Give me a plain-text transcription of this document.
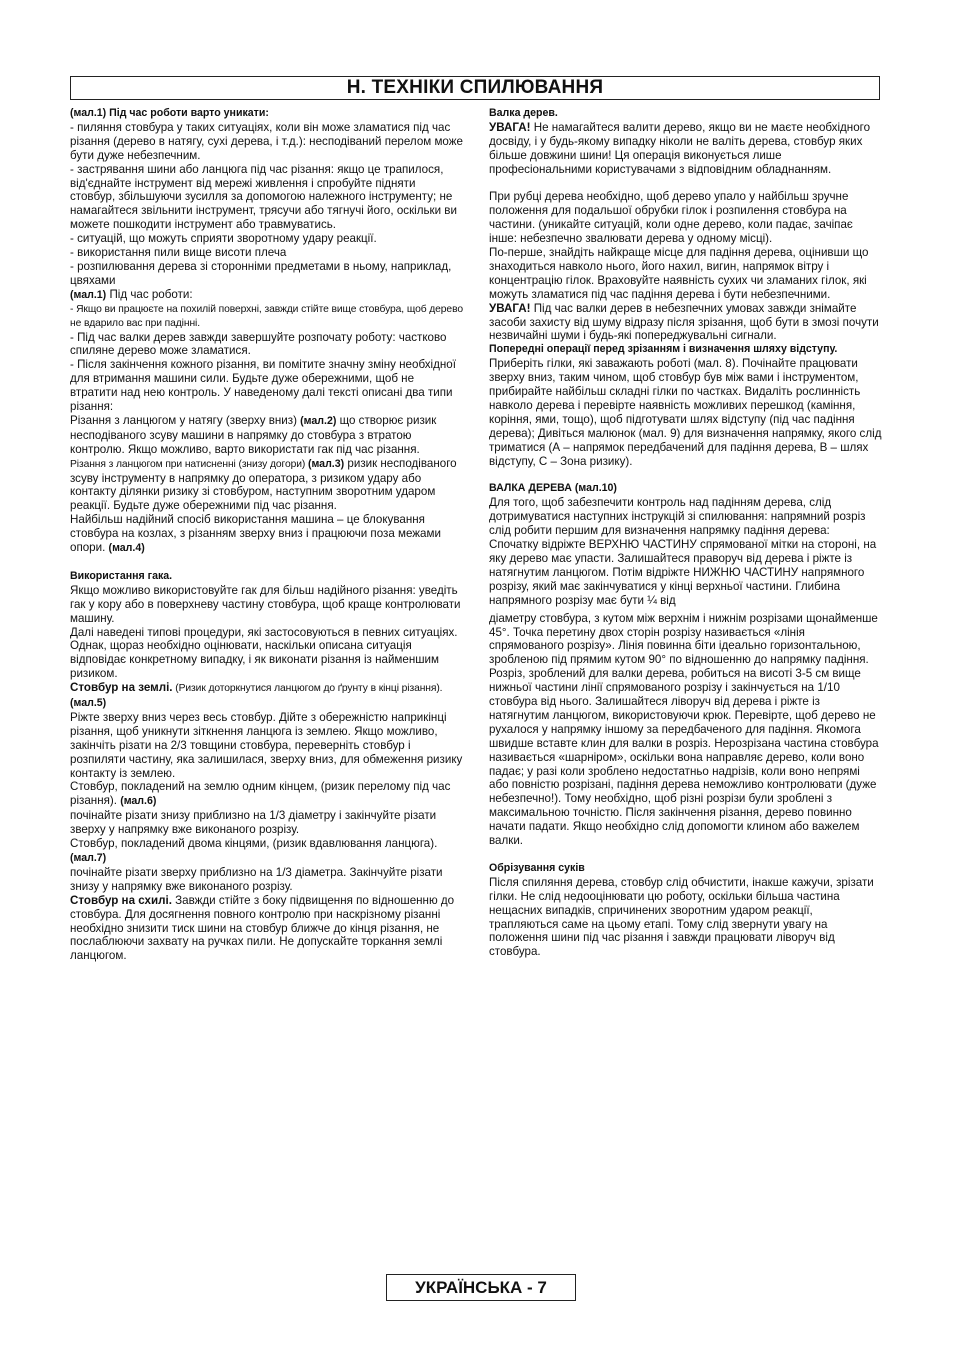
Н. ТЕХНІКИ СПИЛЮВАННЯ

(мал.1) Під час роботи варто уникати:

- пиляння стовбура у таких ситуаціях, коли він може зламатися під час різання (дерево в натягу, сухі дерева, і т.д.): несподіваний перелом може бути дуже небезпечним.

- застрявання шини або ланцюга під час різання: якщо це трапилося, від'єднайте інструмент від мережі живлення і спробуйте підняти стовбур, збільшуючи зусилля за допомогою належного інструменту; не намагайтеся звільнити інструмент, трясучи або тягнучі його, оскільки ви можете пошкодити інструмент або травмуватись.

- ситуацій, що можуть сприяти зворотному удару реакції.

- використання пили вище висоти плеча

- розпилювання дерева зі сторонніми предметами в ньому, наприклад, цвяхами

(мал.1) Під час роботи:

- Якщо ви працюєте на похилій поверхні, завжди стійте вище стовбура, щоб дерево не вдарило вас при падінні.

- Під час валки дерев завжди завершуйте розпочату роботу: частково спиляне дерево може зламатися.

- Після закінчення кожного різання, ви помітите значну зміну необхідної для втримання машини сили. Будьте дуже обережними, щоб не втратити над нею контроль. У наведеному далі тексті описані два типи різання:

Різання з ланцюгом у натягу (зверху вниз) (мал.2) що створює ризик несподіваного зсуву машини в напрямку до стовбура з втратою контролю. Якщо можливо, варто використати гак під час різання.

Різання з ланцюгом при натисненні (знизу догори) (мал.3) ризик несподіваного зсуву інструменту в напрямку до оператора, з ризиком удару або контакту ділянки ризику зі стовбуром, наступним зворотним ударом реакції. Будьте дуже обережними під час різання.

Найбільш надійний спосіб використання машина – це блокування стовбура на козлах, з різанням зверху вниз і працюючи поза межами опори. (мал.4)

Використання гака.

Якщо можливо використовуйте гак для більш надійного різання: уведіть гак у кору або в поверхневу частину стовбура, щоб краще контролювати машину.

Далі наведені типові процедури, які застосовуються в певних ситуаціях. Однак, щораз необхідно оцінювати, наскільки описана ситуація відповідає конкретному випадку, і як виконати різання із найменшим ризиком.

Стовбур на землі. (Ризик доторкнутися ланцюгом до ґрунту в кінці різання). (мал.5)

Ріжте зверху вниз через весь стовбур. Дійте з обережністю наприкінці різання, щоб уникнути зіткнення ланцюга із землею. Якщо можливо, закінчіть різати на 2/3 товщини стовбура, переверніть стовбур і розпиляти частину, яка залишилася, зверху вниз, для обмеження ризику контакту із землею.

Стовбур, покладений на землю одним кінцем, (ризик перелому під час різання). (мал.6)

почінайте різати знизу приблизно на 1/3 діаметру і закінчуйте різати зверху у напрямку вже виконаного розрізу.

Стовбур, покладений двома кінцями, (ризик вдавлювання ланцюга). (мал.7)

почінайте різати зверху приблизно на 1/3 діаметра. Закінчуйте різати знизу у напрямку вже виконаного розрізу.

Стовбур на схилі. Завжди стійте з боку підвищення по відношенню до стовбура. Для досягнення повного контролю при наскрізному різанні необхідно знизити тиск шини на стовбур ближче до кінця різання, не послаблюючи захвату на ручках пили. Не допускайте торкання землі ланцюгом.

Валка дерев.

УВАГА! Не намагайтеся валити дерево, якщо ви не маєте необхідного досвіду, і у будь-якому випадку ніколи не валіть дерева, стовбур яких більше довжини шини! Ця операція виконується лише професіональними користувачами з відповідним обладнанням.

При рубці дерева необхідно, щоб дерево упало у найбільш зручне положення для подальшої обрубки гілок і розпилення стовбура на частини. (уникайте ситуацій, коли одне дерево, коли падає, зачіпає інше: небезпечно звалювати дерева у одному місці).

По-перше, знайдіть найкраще місце для падіння дерева, оцінивши що знаходиться навколо нього, його нахил, вигин, напрямок вітру і концентрацію гілок. Враховуйте наявність сухих чи зламаних гілок, які можуть зламатися під час падіння дерева і бути небезпечними.

УВАГА! Під час валки дерев в небезпечних умовах завжди знімайте засоби захисту від шуму відразу після зрізання, щоб бути в змозі почути незвичайні шуми і будь-які попереджувальні сигнали.

Попередні операції перед зрізанням і визначення шляху відступу.

Приберіть гілки, які заважають роботі (мал. 8). Почінайте працювати зверху вниз, таким чином, щоб стовбур був між вами і інструментом, прибирайте найбільш складні гілки по частках. Видаліть рослинність навколо дерева і перевірте наявність можливих перешкод (каміння, коріння, ями, тощо), щоб підготувати шлях відступу (під час падіння дерева); Дивіться малюнок (мал. 9) для визначення напрямку, якого слід триматися (А – напрямок передбачений для падіння дерева, В – шлях відступу, С – Зона ризику).

ВАЛКА ДЕРЕВА (мал.10)

Для того, щоб забезпечити контроль над падінням дерева, слід дотримуватися наступних інструкцій зі спилювання: напрямний розріз слід робити першим для визначення напрямку падіння дерева: Спочатку відріжте ВЕРХНЮ ЧАСТИНУ спрямованої мітки на стороні, на яку дерево має упасти. Залишайтеся праворуч від дерева і ріжте із натягнутим ланцюгом. Потім відріжте НИЖНЮ ЧАСТИНУ напрямного розрізу, який має закінчуватися у кінці верхньої частини. Глибина напрямного розрізу має бути ¼ від

діаметру стовбура, з кутом між верхнім і нижнім розрізами щонайменше 45°. Точка перетину двох сторін розрізу називається «лінія спрямованого розрізу». Лінія повинна біти ідеально горизонтальною, зробленою під прямим кутом 90° по відношенню до напрямку падіння.

Розріз, зроблений для валки дерева, робиться на висоті 3-5 см вище нижньої частини лінії спрямованого розрізу і закінчується на 1/10 стовбура від нього. Залишайтеся ліворуч від дерева і ріжте із натягнутим ланцюгом, використовуючи крюк. Перевірте, щоб дерево не рухалося у напрямку іншому за передбаченого для падіння. Якомога швидше вставте клин для валки в розріз. Нерозрізана частина стовбура називається «шарніром», оскільки вона направляє дерево, коли воно падає; у разі коли зроблено недостатньо надрізів, коли воно непрямі або повністю розрізані, падіння дерева неможливо контролювати (дуже небезпечно!). Тому необхідно, щоб різні розрізи були зроблені з максимальною точністю. Після закінчення різання, дерево повинно начати падати. Якщо необхідно слід допомогти клином або важелем валки.

Обрізування суків

Після спиляння дерева, стовбур слід обчистити, інакше кажучи, зрізати гілки. Не слід недооцінювати цю роботу, оскільки більша частина нещасних випадків, спричинених зворотним ударом реакції, трапляються саме на цьому етапі. Тому слід звернути увагу на положення шини під час різання і завжди працювати ліворуч від стовбура.

УКРАЇНСЬКА - 7
